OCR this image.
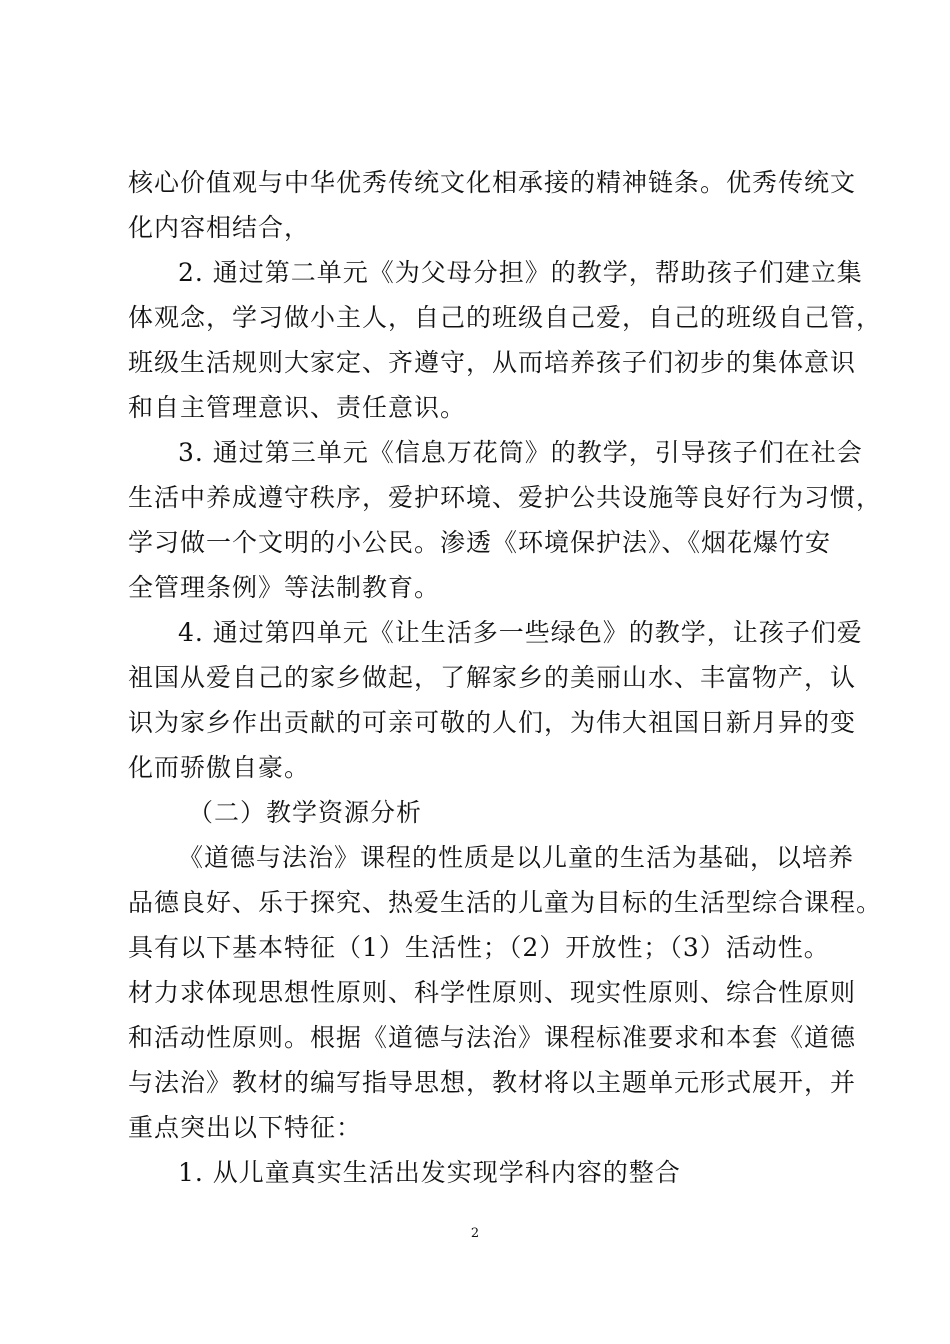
核心价值观与中华优秀传统文化相承接的精神链条。优秀传统文
化内容相结合，
2. 通过第二单元《为父母分担》的教学，帮助孩子们建立集
体观念，学习做小主人，自己的班级自己爱，自己的班级自己管，
班级生活规则大家定、齐遵守，从而培养孩子们初步的集体意识
和自主管理意识、责任意识。
3. 通过第三单元《信息万花筒》的教学，引导孩子们在社会
生活中养成遵守秩序，爱护环境、爱护公共设施等良好行为习惯，
学习做一个文明的小公民。渗透《环境保护法》、《烟花爆竹安
全管理条例》等法制教育。
4. 通过第四单元《让生活多一些绿色》的教学，让孩子们爱
祖国从爱自己的家乡做起，了解家乡的美丽山水、丰富物产，认
识为家乡作出贡献的可亲可敬的人们，为伟大祖国日新月异的变
化而骄傲自豪。
（二）教学资源分析
《道德与法治》课程的性质是以儿童的生活为基础，以培养
品德良好、乐于探究、热爱生活的儿童为目标的生活型综合课程。
具有以下基本特征（1）生活性；（2）开放性；（3）活动性。
材力求体现思想性原则、科学性原则、现实性原则、综合性原则
和活动性原则。根据《道德与法治》课程标准要求和本套《道德
与法治》教材的编写指导思想，教材将以主题单元形式展开，并
重点突出以下特征：
1. 从儿童真实生活出发实现学科内容的整合
2
